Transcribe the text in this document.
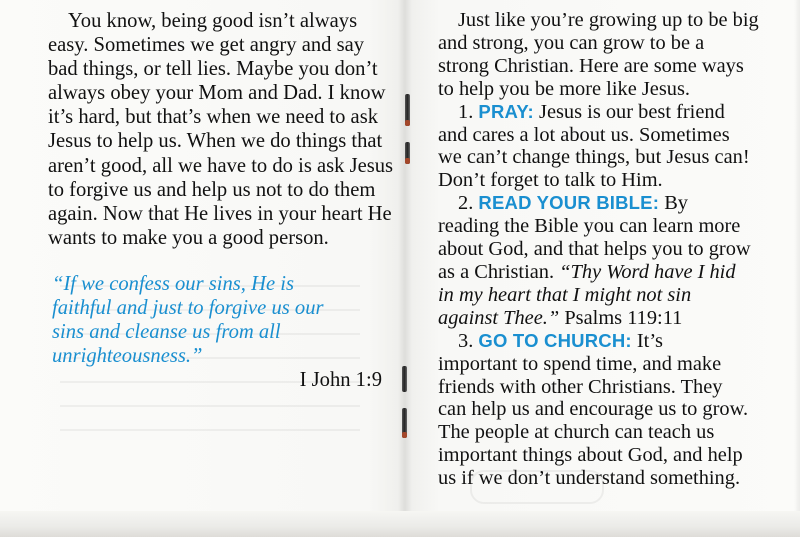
You know, being good isn’t always easy. Sometimes we get angry and say bad things, or tell lies. Maybe you don’t always obey your Mom and Dad. I know it’s hard, but that’s when we need to ask Jesus to help us. When we do things that aren’t good, all we have to do is ask Jesus to forgive us and help us not to do them again. Now that He lives in your heart He wants to make you a good person.

“If we confess our sins, He is
faithful and just to forgive us our
sins and cleanse us from all
unrighteousness.”
I John 1:9
Just like you’re growing up to be big
and strong, you can grow to be a
strong Christian. Here are some ways
to help you be more like Jesus.
1. PRAY: Jesus is our best friend
and cares a lot about us. Sometimes
we can’t change things, but Jesus can!
Don’t forget to talk to Him.
2. READ YOUR BIBLE: By
reading the Bible you can learn more
about God, and that helps you to grow
as a Christian. “Thy Word have I hid
in my heart that I might not sin
against Thee.” Psalms 119:11
3. GO TO CHURCH: It’s
important to spend time, and make
friends with other Christians. They
can help us and encourage us to grow.
The people at church can teach us
important things about God, and help
us if we don’t understand something.
